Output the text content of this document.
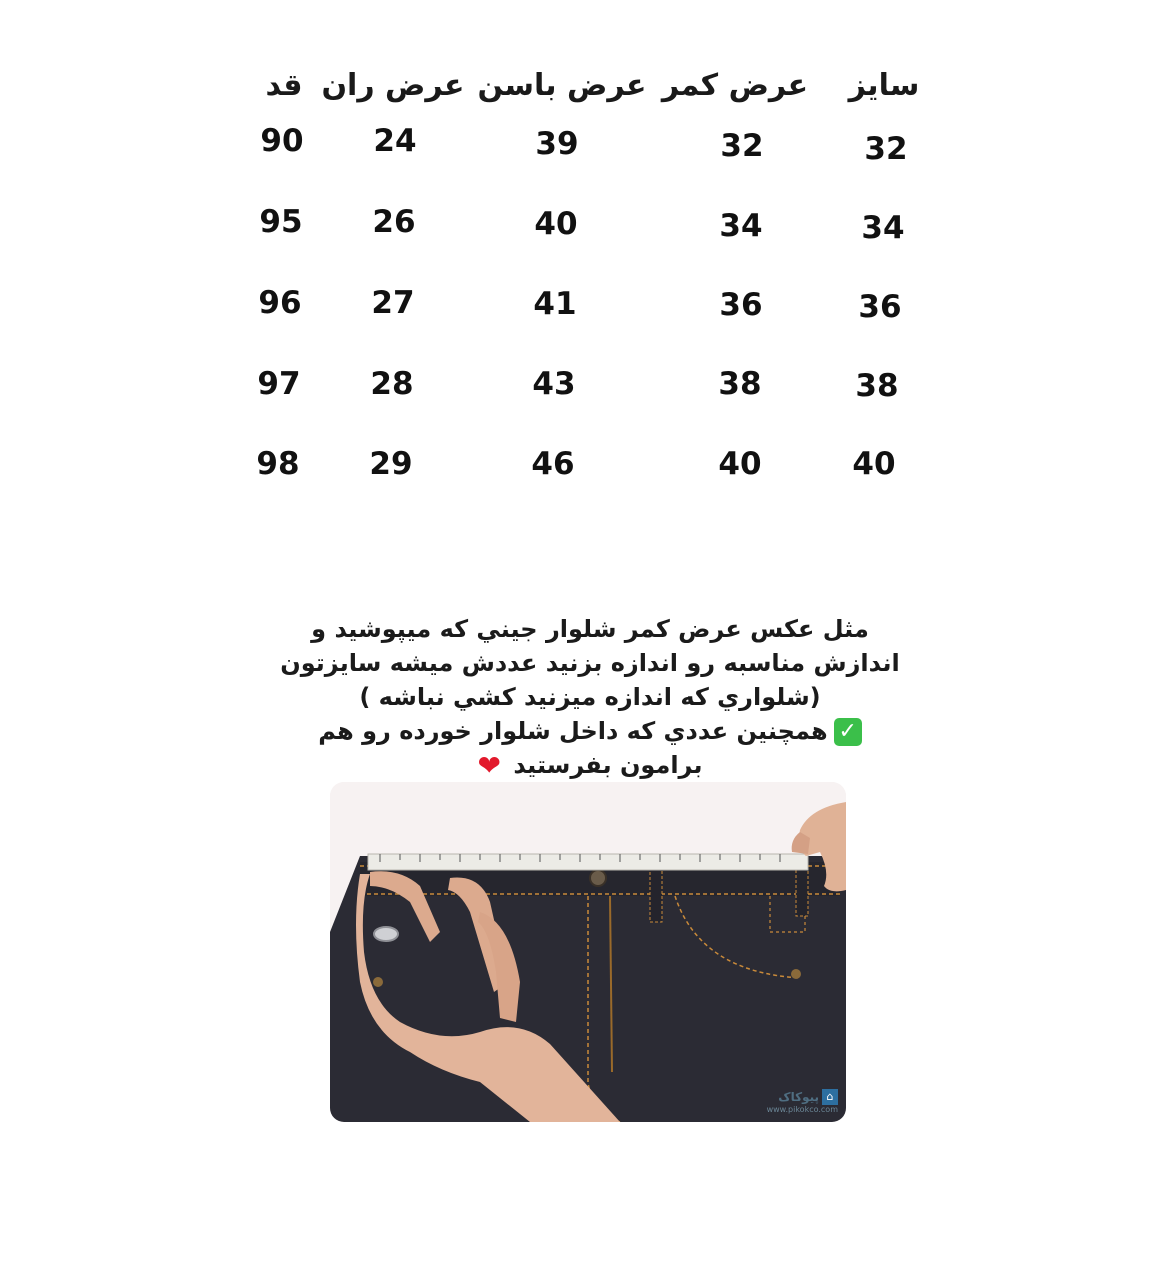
سایز
عرض کمر
عرض باسن
عرض ران
قد
32
32
39
24
90
34
34
40
26
95
36
36
41
27
96
38
38
43
28
97
40
40
46
29
98

مثل عکس عرض کمر شلوار جيني كه ميپوشيد و

اندازش مناسبه رو اندازه بزنيد عددش ميشه سايزتون

(شلواري كه اندازه ميزنيد كشي نباشه )

✓همچنين عددي كه داخل شلوار خورده رو هم

برامون بفرستيد ❤

⌂پیوکاک
www.pikokco.com
